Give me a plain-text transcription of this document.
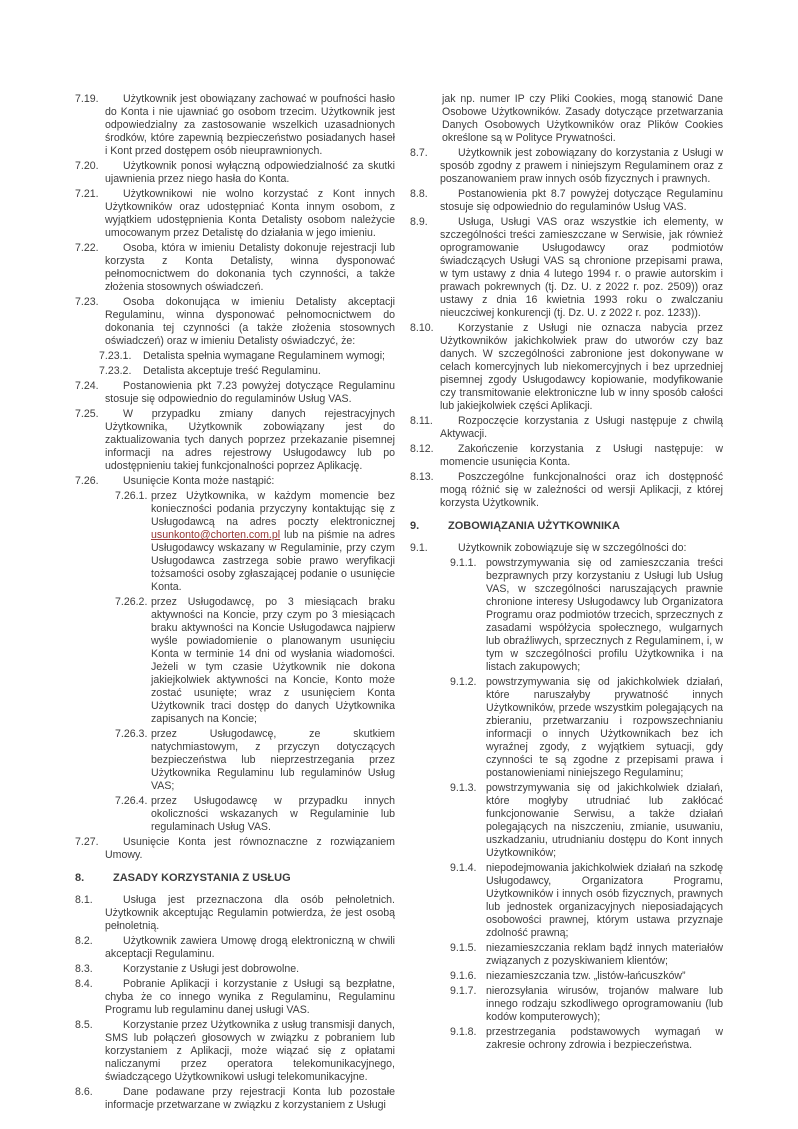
7.19.	Użytkownik jest obowiązany zachować w poufności hasło do Konta i nie ujawniać go osobom trzecim. Użytkownik jest odpowiedzialny za zastosowanie wszelkich uzasadnionych środków, które zapewnią bezpieczeństwo posiadanych haseł i Kont przed dostępem osób nieuprawnionych.
7.20.	Użytkownik ponosi wyłączną odpowiedzialność za skutki ujawnienia przez niego hasła do Konta.
7.21.	Użytkownikowi nie wolno korzystać z Kont innych Użytkowników oraz udostępniać Konta innym osobom, z wyjątkiem udostępnienia Konta Detalisty osobom należycie umocowanym przez Detalistę do działania w jego imieniu.
7.22.	Osoba, która w imieniu Detalisty dokonuje rejestracji lub korzysta z Konta Detalisty, winna dysponować pełnomocnictwem do dokonania tych czynności, a także złożenia stosownych oświadczeń.
7.23.	Osoba dokonująca w imieniu Detalisty akceptacji Regulaminu, winna dysponować pełnomocnictwem do dokonania tej czynności (a także złożenia stosownych oświadczeń) oraz w imieniu Detalisty oświadczyć, że:
7.23.1. Detalista spełnia wymagane Regulaminem wymogi;
7.23.2. Detalista akceptuje treść Regulaminu.
7.24.	Postanowienia pkt 7.23 powyżej dotyczące Regulaminu stosuje się odpowiednio do regulaminów Usług VAS.
7.25.	W przypadku zmiany danych rejestracyjnych Użytkownika, Użytkownik zobowiązany jest do zaktualizowania tych danych poprzez przekazanie pisemnej informacji na adres rejestrowy Usługodawcy lub po udostępnieniu takiej funkcjonalności poprzez Aplikację.
7.26.	Usunięcie Konta może nastąpić:
7.26.1. przez Użytkownika, w każdym momencie bez konieczności podania przyczyny kontaktując się z Usługodawcą na adres poczty elektronicznej usunkonto@chorten.com.pl lub na piśmie na adres Usługodawcy wskazany w Regulaminie, przy czym Usługodawca zastrzega sobie prawo weryfikacji tożsamości osoby zgłaszającej podanie o usunięcie Konta.
7.26.2. przez Usługodawcę, po 3 miesiącach braku aktywności na Koncie, przy czym po 3 miesiącach braku aktywności na Koncie Usługodawca najpierw wyśle powiadomienie o planowanym usunięciu Konta w terminie 14 dni od wysłania wiadomości. Jeżeli w tym czasie Użytkownik nie dokona jakiejkolwiek aktywności na Koncie, Konto może zostać usunięte; wraz z usunięciem Konta Użytkownik traci dostęp do danych Użytkownika zapisanych na Koncie;
7.26.3. przez Usługodawcę, ze skutkiem natychmiastowym, z przyczyn dotyczących bezpieczeństwa lub nieprzestrzegania przez Użytkownika Regulaminu lub regulaminów Usług VAS;
7.26.4. przez Usługodawcę w przypadku innych okoliczności wskazanych w Regulaminie lub regulaminach Usług VAS.
7.27.	Usunięcie Konta jest równoznaczne z rozwiązaniem Umowy.
8.	ZASADY KORZYSTANIA Z USŁUG
8.1.	Usługa jest przeznaczona dla osób pełnoletnich. Użytkownik akceptując Regulamin potwierdza, że jest osobą pełnoletnią.
8.2.	Użytkownik zawiera Umowę drogą elektroniczną w chwili akceptacji Regulaminu.
8.3.	Korzystanie z Usługi jest dobrowolne.
8.4.	Pobranie Aplikacji i korzystanie z Usługi są bezpłatne, chyba że co innego wynika z Regulaminu, Regulaminu Programu lub regulaminu danej usługi VAS.
8.5.	Korzystanie przez Użytkownika z usług transmisji danych, SMS lub połączeń głosowych w związku z pobraniem lub korzystaniem z Aplikacji, może wiązać się z opłatami naliczanymi przez operatora telekomunikacyjnego, świadczącego Użytkownikowi usługi telekomunikacyjne.
8.6.	Dane podawane przy rejestracji Konta lub pozostałe informacje przetwarzane w związku z korzystaniem z Usługi
jak np. numer IP czy Pliki Cookies, mogą stanowić Dane Osobowe Użytkowników. Zasady dotyczące przetwarzania Danych Osobowych Użytkowników oraz Plików Cookies określone są w Polityce Prywatności.
8.7.	Użytkownik jest zobowiązany do korzystania z Usługi w sposób zgodny z prawem i niniejszym Regulaminem oraz z poszanowaniem praw innych osób fizycznych i prawnych.
8.8.	Postanowienia pkt 8.7 powyżej dotyczące Regulaminu stosuje się odpowiednio do regulaminów Usług VAS.
8.9.	Usługa, Usługi VAS oraz wszystkie ich elementy, w szczególności treści zamieszczane w Serwisie, jak również oprogramowanie Usługodawcy oraz podmiotów świadczących Usługi VAS są chronione przepisami prawa, w tym ustawy z dnia 4 lutego 1994 r. o prawie autorskim i prawach pokrewnych (tj. Dz. U. z 2022 r. poz. 2509)) oraz ustawy z dnia 16 kwietnia 1993 roku o zwalczaniu nieuczciwej konkurencji (tj. Dz. U. z 2022 r. poz. 1233)).
8.10.	Korzystanie z Usługi nie oznacza nabycia przez Użytkowników jakichkolwiek praw do utworów czy baz danych. W szczególności zabronione jest dokonywane w celach komercyjnych lub niekomercyjnych i bez uprzedniej pisemnej zgody Usługodawcy kopiowanie, modyfikowanie czy transmitowanie elektroniczne lub w inny sposób całości lub jakiejkolwiek części Aplikacji.
8.11.	Rozpoczęcie korzystania z Usługi następuje z chwilą Aktywacji.
8.12.	Zakończenie korzystania z Usługi następuje: w momencie usunięcia Konta.
8.13.	Poszczególne funkcjonalności oraz ich dostępność mogą różnić się w zależności od wersji Aplikacji, z której korzysta Użytkownik.
9.	ZOBOWIĄZANIA UŻYTKOWNIKA
9.1.	Użytkownik zobowiązuje się w szczególności do:
9.1.1. powstrzymywania się od zamieszczania treści bezprawnych przy korzystaniu z Usługi lub Usług VAS, w szczególności naruszających prawnie chronione interesy Usługodawcy lub Organizatora Programu oraz podmiotów trzecich, sprzecznych z zasadami współżycia społecznego, wulgarnych lub obraźliwych, sprzecznych z Regulaminem, i, w tym w szczególności profilu Użytkownika i na listach zakupowych;
9.1.2. powstrzymywania się od jakichkolwiek działań, które naruszałyby prywatność innych Użytkowników, przede wszystkim polegających na zbieraniu, przetwarzaniu i rozpowszechnianiu informacji o innych Użytkownikach bez ich wyraźnej zgody, z wyjątkiem sytuacji, gdy czynności te są zgodne z przepisami prawa i postanowieniami niniejszego Regulaminu;
9.1.3. powstrzymywania się od jakichkolwiek działań, które mogłyby utrudniać lub zakłócać funkcjonowanie Serwisu, a także działań polegających na niszczeniu, zmianie, usuwaniu, uszkadzaniu, utrudnianiu dostępu do Kont innych Użytkowników;
9.1.4. niepodejmowania jakichkolwiek działań na szkodę Usługodawcy, Organizatora Programu, Użytkowników i innych osób fizycznych, prawnych lub jednostek organizacyjnych nieposiadających osobowości prawnej, którym ustawa przyznaje zdolność prawną;
9.1.5. niezamieszczania reklam bądź innych materiałów związanych z pozyskiwaniem klientów;
9.1.6. niezamieszczania tzw. „listów-łańcuszków”
9.1.7. nierozsyłania wirusów, trojanów malware lub innego rodzaju szkodliwego oprogramowaniu (lub kodów komputerowych);
9.1.8. przestrzegania podstawowych wymagań w zakresie ochrony zdrowia i bezpieczeństwa.
